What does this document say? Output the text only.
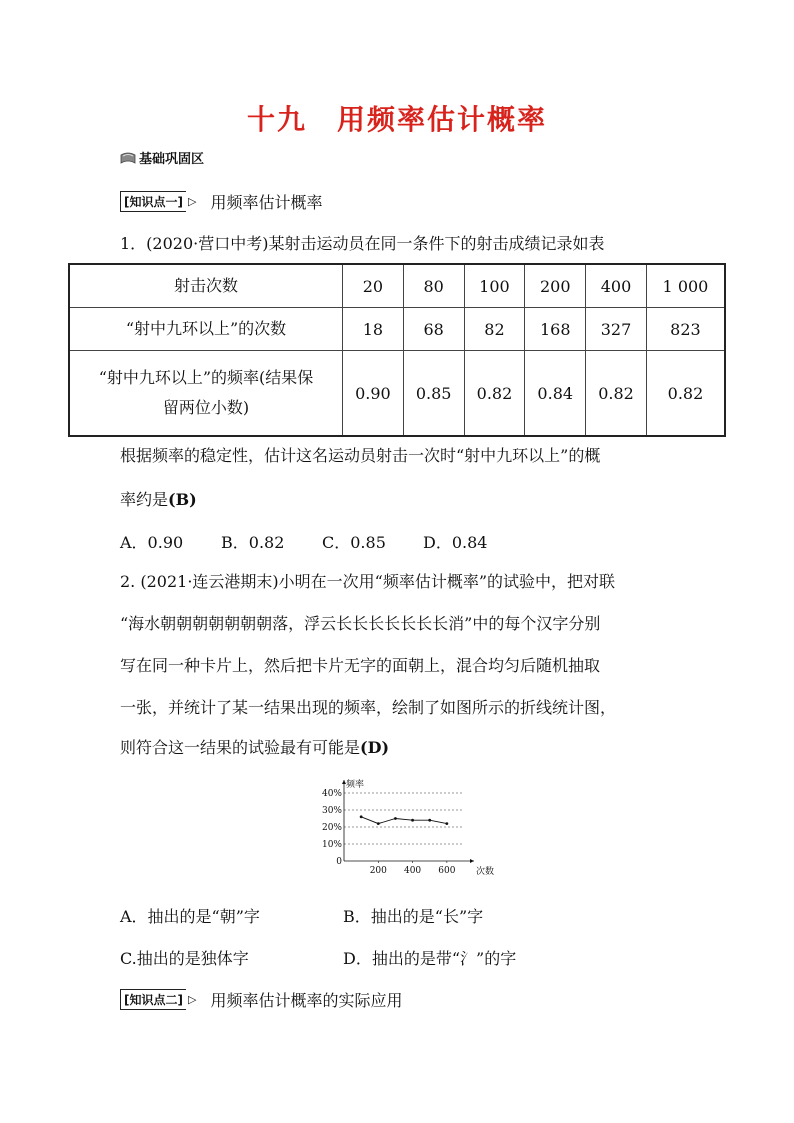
十九　用频率估计概率
基础巩固区
[知识点一] ▷ 用频率估计概率
1．(2020·营口中考)某射击运动员在同一条件下的射击成绩记录如表
射击次数	20	80	100	200	400	1 000
“射中九环以上”的次数	18	68	82	168	327	823

“射中九环以上”的频率(结果保
留两位小数)	0.90	0.85	0.82	0.84	0.82	0.82
根据频率的稳定性，估计这名运动员射击一次时“射中九环以上”的概
率约是(B)
A．0.90 B．0.82 C．0.85 D．0.84
2. (2021·连云港期末)小明在一次用“频率估计概率”的试验中，把对联
“海水朝朝朝朝朝朝朝落，浮云长长长长长长长消”中的每个汉字分别
写在同一种卡片上，然后把卡片无字的面朝上，混合均匀后随机抽取
一张，并统计了某一结果出现的频率，绘制了如图所示的折线统计图，
则符合这一结果的试验最有可能是(D)
0
10%
20%
30%
40%
200 400 600
频率
次数
A．抽出的是“朝”字	B．抽出的是“长”字
C.抽出的是独体字	D．抽出的是带“氵”的字
[知识点二] ▷ 用频率估计概率的实际应用
